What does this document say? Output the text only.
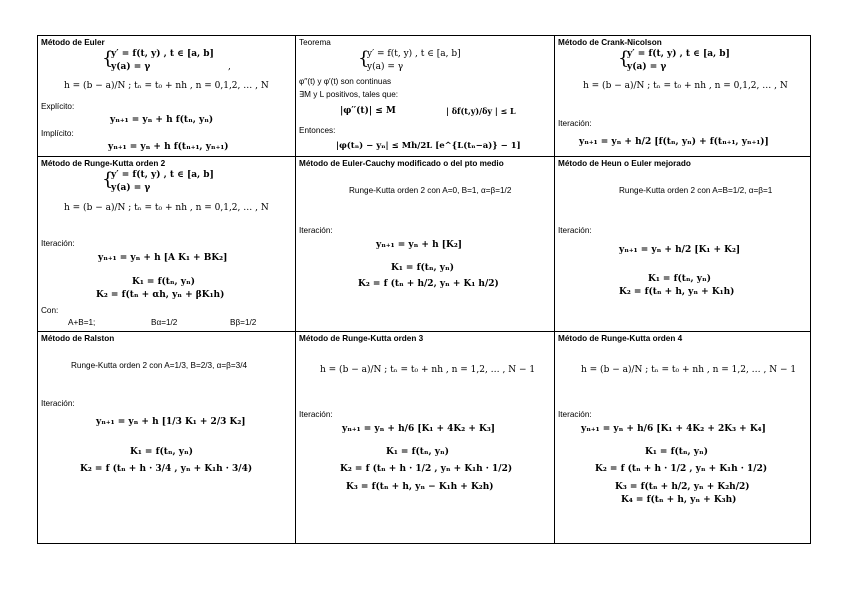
Método de Euler
{
y′ = f(t, y) , t ∈ [a, b]
y(a) = γ	,
h = (b − a)/N ; tₙ = t₀ + nh , n = 0,1,2, … , N
Explícito:
yₙ₊₁ = yₙ + h f(tₙ, yₙ)
Implícito:
yₙ₊₁ = yₙ + h f(tₙ₊₁, yₙ₊₁)
Teorema
{
y′ = f(t, y) , t ∈ [a, b]
y(a) = γ
φ′′(t) y φ′(t) son continuas
∃M y L positivos, tales que:
|φ′′(t)| ≤ M	| δf(t,y)/δy | ≤ L
Entonces:
|φ(tₙ) − yₙ| ≤ Mh/2L [e^{L(tₙ−a)} − 1]
Método de Crank-Nicolson
{
y′ = f(t, y) , t ∈ [a, b]
y(a) = γ
h = (b − a)/N ; tₙ = t₀ + nh , n = 0,1,2, … , N
Iteración:
yₙ₊₁ = yₙ + h/2 [f(tₙ, yₙ) + f(tₙ₊₁, yₙ₊₁)]
Método de Runge-Kutta orden 2
{
y′ = f(t, y) , t ∈ [a, b]
y(a) = γ
h = (b − a)/N ; tₙ = t₀ + nh , n = 0,1,2, … , N
Iteración:
yₙ₊₁ = yₙ + h [A K₁ + BK₂]
K₁ = f(tₙ, yₙ)
K₂ = f(tₙ + αh, yₙ + βK₁h)
Con:
A+B=1;	Bα=1/2	Bβ=1/2
Método de Euler-Cauchy modificado o del pto medio
Runge-Kutta orden 2 con A=0, B=1, α=β=1/2
Iteración:
yₙ₊₁ = yₙ + h [K₂]
K₁ = f(tₙ, yₙ)
K₂ = f (tₙ + h/2, yₙ + K₁ h/2)
Método de Heun o Euler mejorado
Runge-Kutta orden 2 con A=B=1/2, α=β=1
Iteración:
yₙ₊₁ = yₙ + h/2 [K₁ + K₂]
K₁ = f(tₙ, yₙ)
K₂ = f(tₙ + h, yₙ + K₁h)
Método de Ralston
Runge-Kutta orden 2 con A=1/3, B=2/3, α=β=3/4
Iteración:
yₙ₊₁ = yₙ + h [1/3 K₁ + 2/3 K₂]
K₁ = f(tₙ, yₙ)
K₂ = f (tₙ + h · 3/4 , yₙ + K₁h · 3/4)
Método de Runge-Kutta orden 3
h = (b − a)/N ; tₙ = t₀ + nh , n = 1,2, … , N − 1
Iteración:
yₙ₊₁ = yₙ + h/6 [K₁ + 4K₂ + K₃]
K₁ = f(tₙ, yₙ)
K₂ = f (tₙ + h · 1/2 , yₙ + K₁h · 1/2)
K₃ = f(tₙ + h, yₙ − K₁h + K₂h)
Método de Runge-Kutta orden 4
h = (b − a)/N ; tₙ = t₀ + nh , n = 1,2, … , N − 1
Iteración:
yₙ₊₁ = yₙ + h/6 [K₁ + 4K₂ + 2K₃ + K₄]
K₁ = f(tₙ, yₙ)
K₂ = f (tₙ + h · 1/2 , yₙ + K₁h · 1/2)
K₃ = f(tₙ + h/2, yₙ + K₂h/2)
K₄ = f(tₙ + h, yₙ + K₃h)
